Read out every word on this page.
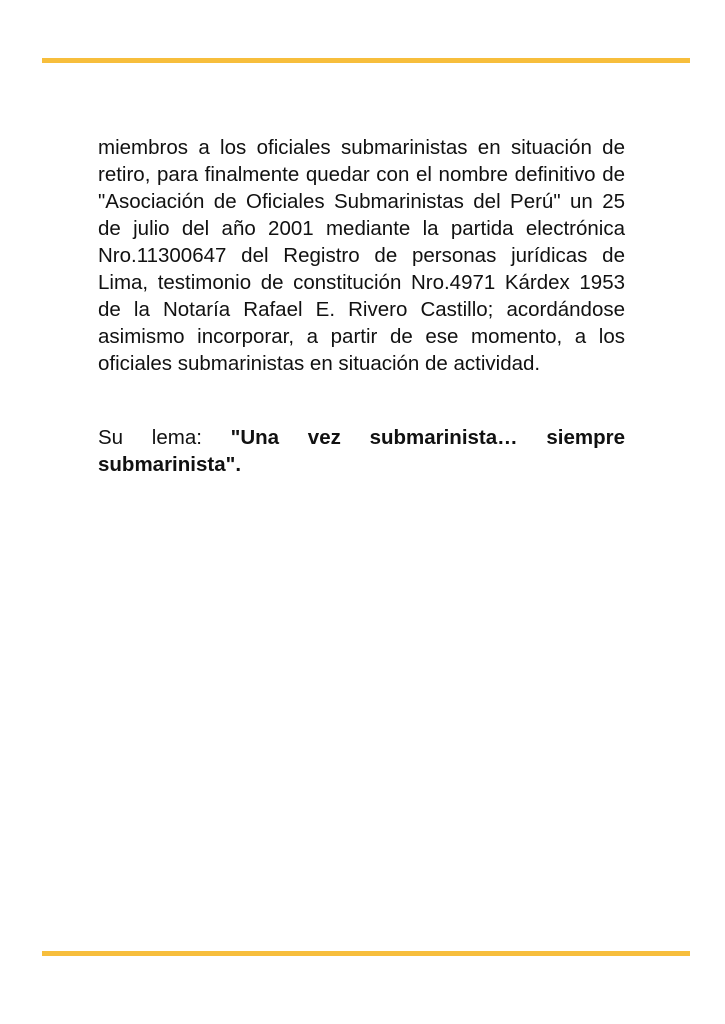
miembros a los oficiales submarinistas en situación de retiro, para finalmente quedar con el nombre definitivo de "Asociación de Oficiales Submarinistas del Perú" un 25 de julio del año 2001 mediante la partida electrónica Nro.11300647 del Registro de personas jurídicas de Lima, testimonio de constitución Nro.4971 Kárdex 1953 de la Notaría Rafael E. Rivero Castillo; acordándose asimismo incorporar, a partir de ese momento, a los oficiales submarinistas en situación de actividad.

Su lema: "Una vez submarinista… siempre submarinista".
